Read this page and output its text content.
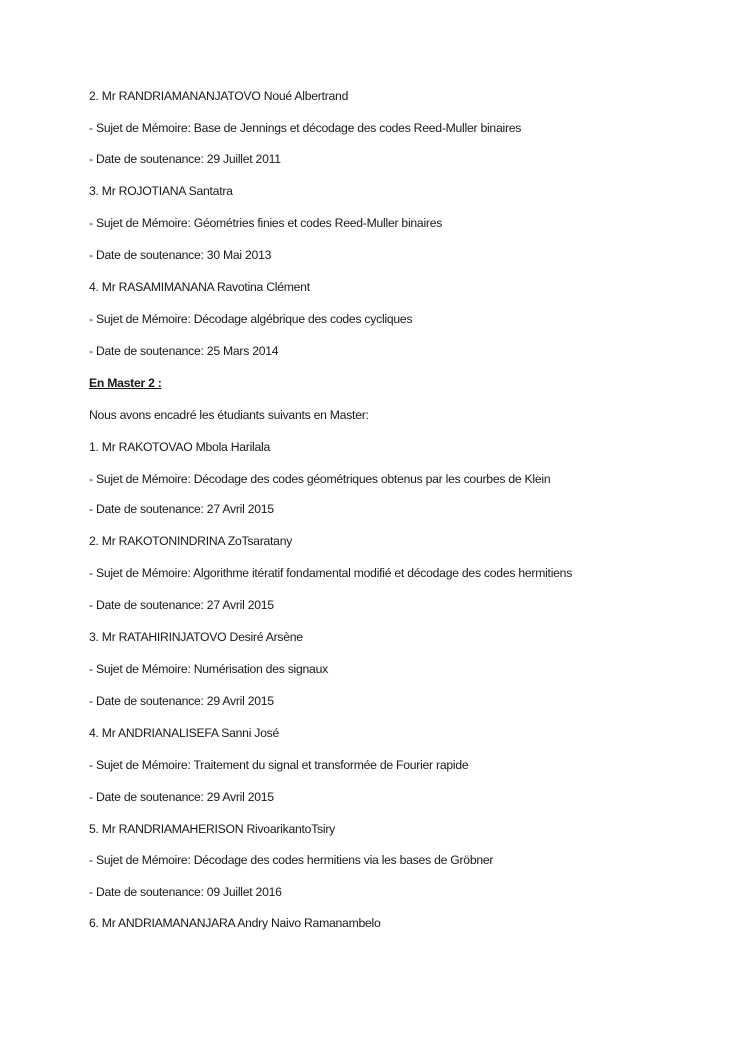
2. Mr RANDRIAMANANJATOVO Noué Albertrand
- Sujet de Mémoire: Base de Jennings et décodage des codes Reed-Muller binaires
- Date de soutenance: 29 Juillet 2011
3. Mr ROJOTIANA Santatra
- Sujet de Mémoire: Géométries finies et codes Reed-Muller binaires
- Date de soutenance: 30 Mai 2013
4. Mr RASAMIMANANA Ravotina Clément
- Sujet de Mémoire: Décodage algébrique des codes cycliques
- Date de soutenance: 25 Mars 2014
En Master 2 :
Nous avons encadré les étudiants suivants en Master:
1. Mr RAKOTOVAO Mbola Harilala
- Sujet de Mémoire: Décodage des codes géométriques obtenus par les courbes de Klein
- Date de soutenance: 27 Avril 2015
2. Mr RAKOTONINDRINA ZoTsaratany
- Sujet de Mémoire: Algorithme itératif fondamental modifié et décodage des codes hermitiens
- Date de soutenance: 27 Avril 2015
3. Mr RATAHIRINJATOVO Desiré Arsène
- Sujet de Mémoire: Numérisation des signaux
- Date de soutenance: 29 Avril 2015
4. Mr ANDRIANALISEFA Sanni José
- Sujet de Mémoire: Traitement du signal et transformée de Fourier rapide
- Date de soutenance: 29 Avril 2015
5. Mr RANDRIAMAHERISON RivoarikantoTsiry
- Sujet de Mémoire: Décodage des codes hermitiens via les bases de Gröbner
- Date de soutenance: 09 Juillet 2016
6. Mr ANDRIAMANANJARA Andry Naivo Ramanambelo
